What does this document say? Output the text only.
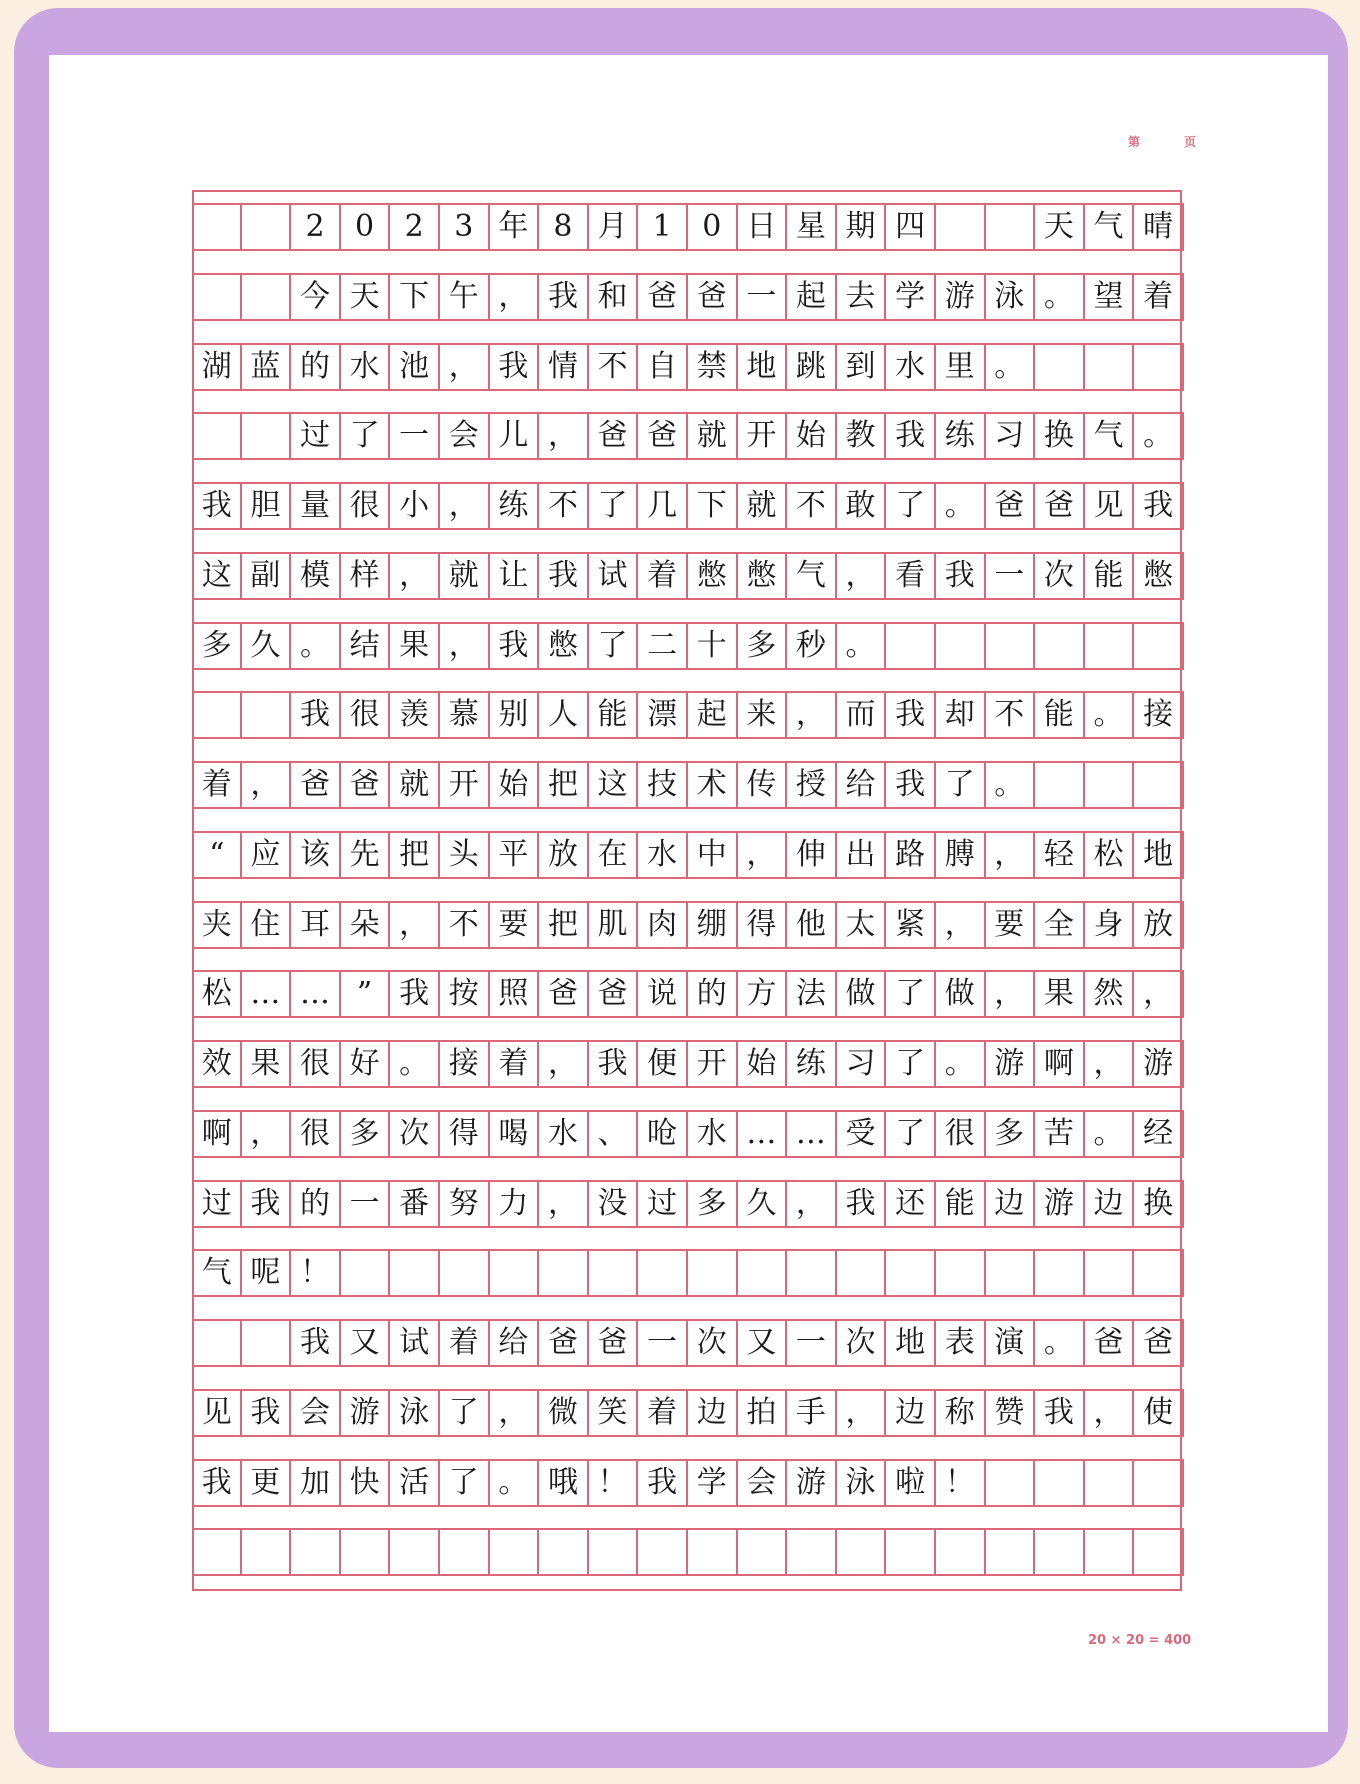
第 页
2	0	2	3 年 8 月 1	0 日 星 期 四	天 气 晴
今 天 下 午 ， 我 和 爸 爸 一 起 去 学 游 泳 。 望 着
湖 蓝 的 水 池 ， 我 情 不 自 禁 地 跳 到 水 里 。
过 了 一 会 儿 ， 爸 爸 就 开 始 教 我 练 习 换 气 。
我 胆 量 很 小 ， 练 不 了 几 下 就 不 敢 了 。 爸 爸 见 我
这 副 模 样 ， 就 让 我 试 着 憋 憋 气 ， 看 我 一 次 能 憋
多 久 。 结 果 ， 我 憋 了 二 十 多 秒 。
我 很 羡 慕 别 人 能 漂 起 来 ， 而 我 却 不 能 。 接
着 ， 爸 爸 就 开 始 把 这 技 术 传 授 给 我 了 。
“ 应 该 先 把 头 平 放 在 水 中 ， 伸 出 路 膊 ， 轻 松 地
夹 住 耳 朵 ， 不 要 把 肌 肉 绷 得 他 太 紧 ， 要 全 身 放
松 … … ” 我 按 照 爸 爸 说 的 方 法 做 了 做 ， 果 然 ，
效 果 很 好 。 接 着 ， 我 便 开 始 练 习 了 。 游 啊 ， 游
啊 ， 很 多 次 得 喝 水 、 呛 水 … … 受 了 很 多 苦 。 经
过 我 的 一 番 努 力 ， 没 过 多 久 ， 我 还 能 边 游 边 换
气 呢 ！
我 又 试 着 给 爸 爸 一 次 又 一 次 地 表 演 。 爸 爸
见 我 会 游 泳 了 ， 微 笑 着 边 拍 手 ， 边 称 赞 我 ， 使
我 更 加 快 活 了 。 哦 ！ 我 学 会 游 泳 啦 ！
20 × 20 = 400
